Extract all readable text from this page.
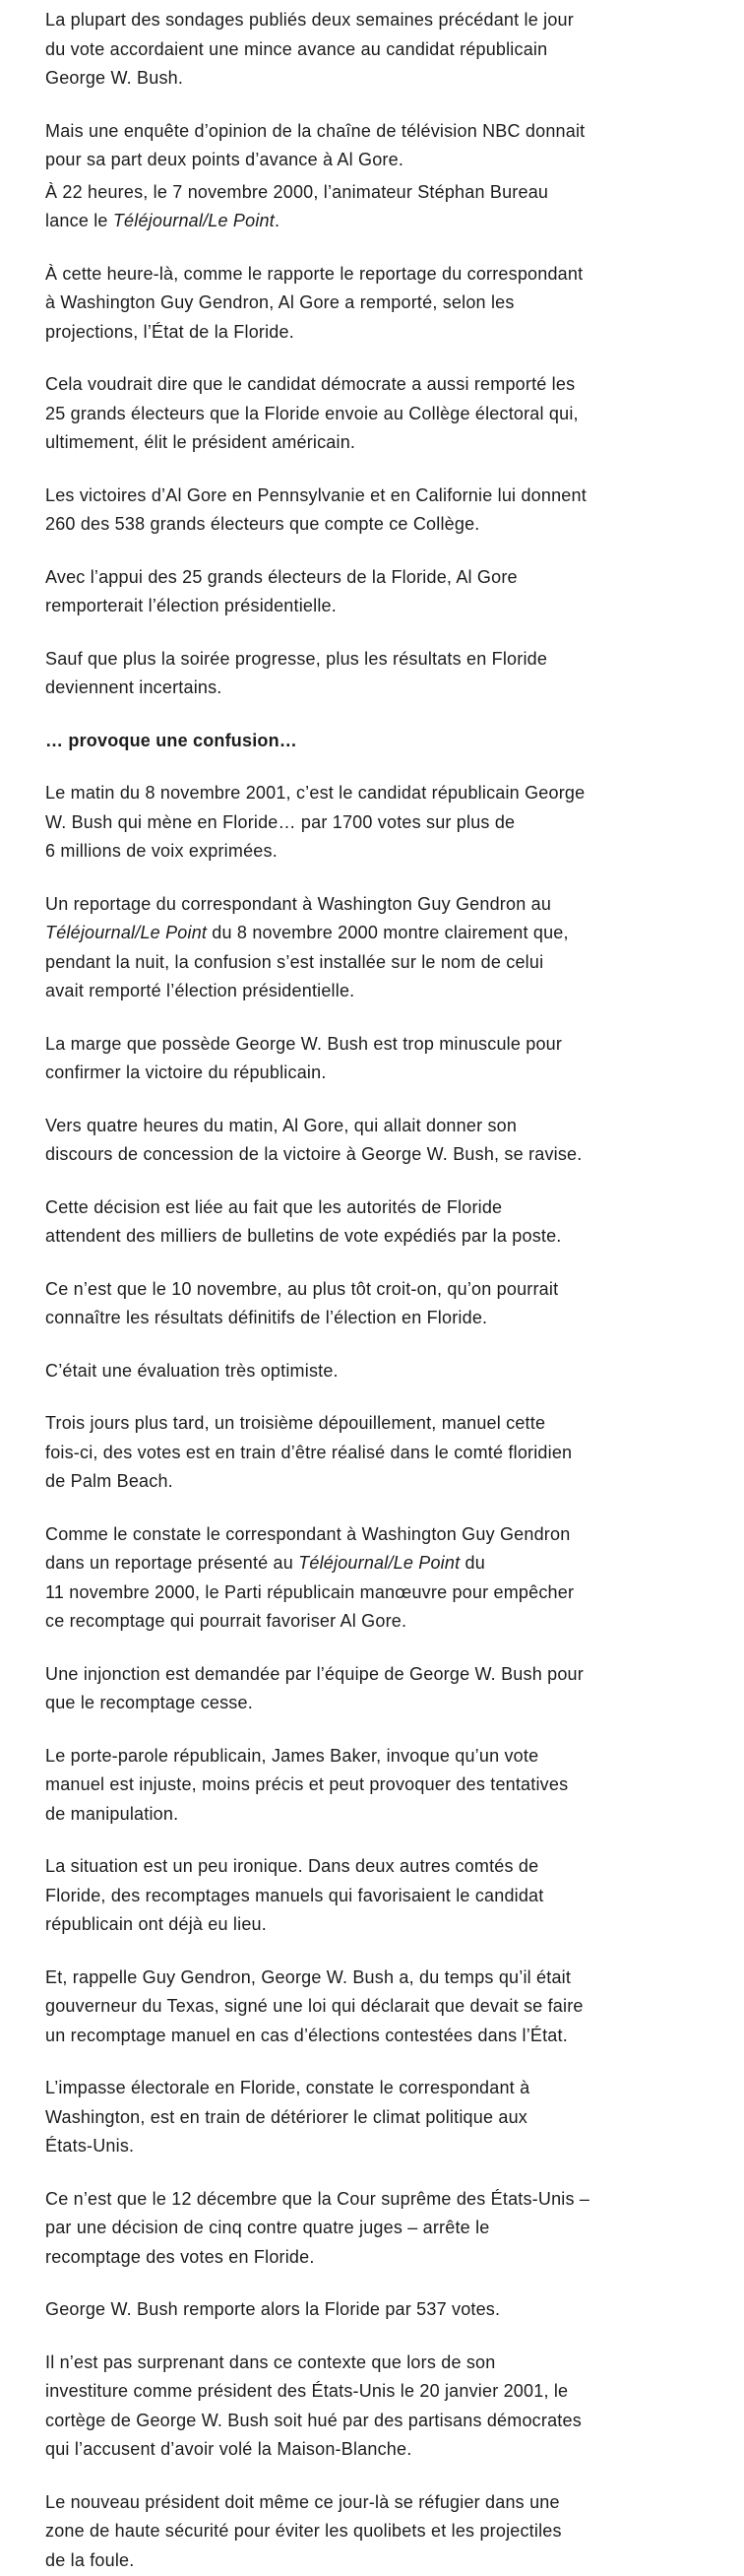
La plupart des sondages publiés deux semaines précédant le jour
du vote accordaient une mince avance au candidat républicain
George W. Bush.

Mais une enquête d’opinion de la chaîne de télévision NBC donnait
pour sa part deux points d’avance à Al Gore.

À 22 heures, le 7 novembre 2000, l’animateur Stéphan Bureau
lance le Téléjournal/Le Point.

À cette heure-là, comme le rapporte le reportage du correspondant
à Washington Guy Gendron, Al Gore a remporté, selon les
projections, l’État de la Floride.

Cela voudrait dire que le candidat démocrate a aussi remporté les
25 grands électeurs que la Floride envoie au Collège électoral qui,
ultimement, élit le président américain.

Les victoires d’Al Gore en Pennsylvanie et en Californie lui donnent
260 des 538 grands électeurs que compte ce Collège.

Avec l’appui des 25 grands électeurs de la Floride, Al Gore
remporterait l’élection présidentielle.

Sauf que plus la soirée progresse, plus les résultats en Floride
deviennent incertains.

… provoque une confusion…

Le matin du 8 novembre 2001, c’est le candidat républicain George
W. Bush qui mène en Floride… par 1700 votes sur plus de
6 millions de voix exprimées.

Un reportage du correspondant à Washington Guy Gendron au
Téléjournal/Le Point du 8 novembre 2000 montre clairement que,
pendant la nuit, la confusion s’est installée sur le nom de celui
avait remporté l’élection présidentielle.

La marge que possède George W. Bush est trop minuscule pour
confirmer la victoire du républicain.

Vers quatre heures du matin, Al Gore, qui allait donner son
discours de concession de la victoire à George W. Bush, se ravise.

Cette décision est liée au fait que les autorités de Floride
attendent des milliers de bulletins de vote expédiés par la poste.

Ce n’est que le 10 novembre, au plus tôt croit-on, qu’on pourrait
connaître les résultats définitifs de l’élection en Floride.

C’était une évaluation très optimiste.

Trois jours plus tard, un troisième dépouillement, manuel cette
fois-ci, des votes est en train d’être réalisé dans le comté floridien
de Palm Beach.

Comme le constate le correspondant à Washington Guy Gendron
dans un reportage présenté au Téléjournal/Le Point du
11 novembre 2000, le Parti républicain manœuvre pour empêcher
ce recomptage qui pourrait favoriser Al Gore.

Une injonction est demandée par l’équipe de George W. Bush pour
que le recomptage cesse.

Le porte-parole républicain, James Baker, invoque qu’un vote
manuel est injuste, moins précis et peut provoquer des tentatives
de manipulation.

La situation est un peu ironique. Dans deux autres comtés de
Floride, des recomptages manuels qui favorisaient le candidat
républicain ont déjà eu lieu.

Et, rappelle Guy Gendron, George W. Bush a, du temps qu’il était
gouverneur du Texas, signé une loi qui déclarait que devait se faire
un recomptage manuel en cas d’élections contestées dans l’État.

L’impasse électorale en Floride, constate le correspondant à
Washington, est en train de détériorer le climat politique aux
États-Unis.

Ce n’est que le 12 décembre que la Cour suprême des États-Unis –
par une décision de cinq contre quatre juges – arrête le
recomptage des votes en Floride.

George W. Bush remporte alors la Floride par 537 votes.

Il n’est pas surprenant dans ce contexte que lors de son
investiture comme président des États-Unis le 20 janvier 2001, le
cortège de George W. Bush soit hué par des partisans démocrates
qui l’accusent d’avoir volé la Maison-Blanche.

Le nouveau président doit même ce jour-là se réfugier dans une
zone de haute sécurité pour éviter les quolibets et les projectiles
de la foule.
